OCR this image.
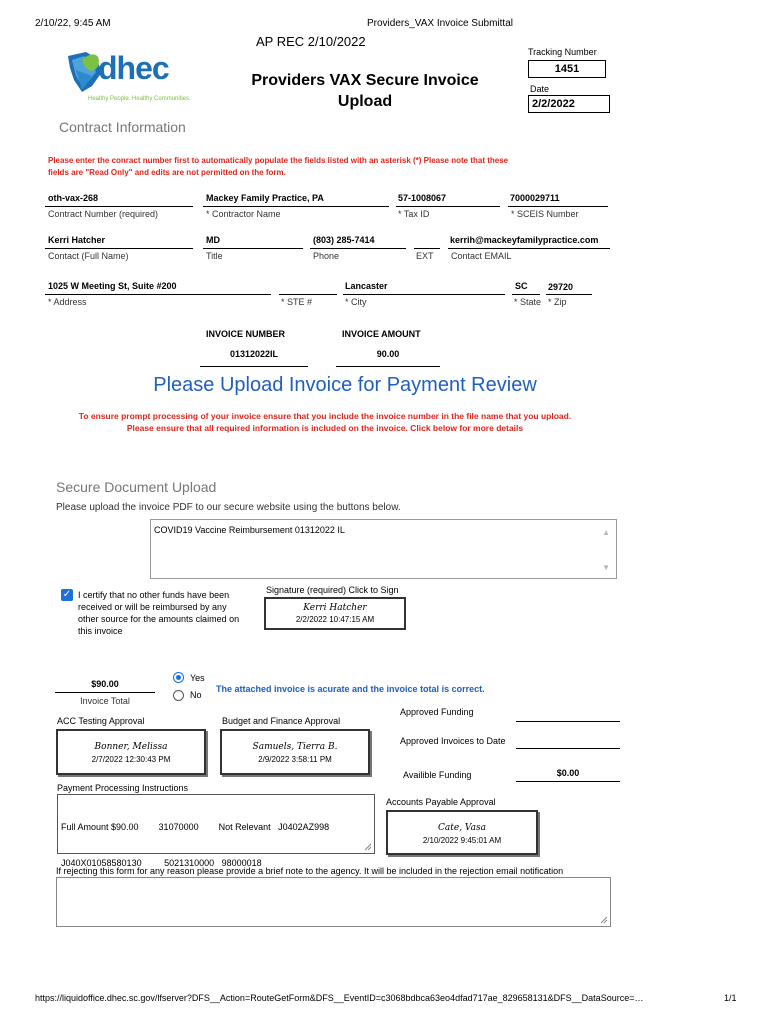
2/10/22, 9:45 AM	Providers_VAX Invoice Submittal
AP REC 2/10/2022
dhec
Healthy People. Healthy Communities.
Providers VAX Secure Invoice
Upload
Tracking Number
1451
Date
2/2/2022
Contract Information
Please enter the conract number first to automatically populate the fields listed with an asterisk (*) Please note that these
fields are "Read Only" and edits are not permitted on the form.
oth-vax-268
Contract Number (required)
Mackey Family Practice, PA
* Contractor Name
57-1008067
* Tax ID
7000029711
* SCEIS Number
Kerri Hatcher
Contact (Full Name)
MD
Title
(803) 285-7414
Phone	EXT
kerrih@mackeyfamilypractice.com
Contact EMAIL
1025 W Meeting St, Suite #200
* Address	* STE #
Lancaster
* City
SC
* State
29720
* Zip
INVOICE NUMBER
01312022IL
INVOICE AMOUNT
90.00
Please Upload Invoice for Payment Review
To ensure prompt processing of your invoice ensure that you include the invoice number in the file name that you upload.
Please ensure that all required information is included on the invoice. Click below for more details
Secure Document Upload
Please upload the invoice PDF to our secure website using the buttons below.
COVID19 Vaccine Reimbursement 01312022 IL	▲
▼
✓ I certify that no other funds have been
received or will be reimbursed by any
other source for the amounts claimed on
this invoice
Signature (required) Click to Sign
Kerri Hatcher
2/2/2022 10:47:15 AM
$90.00
Invoice Total
Yes
No
The attached invoice is acurate and the invoice total is correct.
ACC Testing Approval
Bonner, Melissa
2/7/2022 12:30:43 PM
Budget and Finance Approval
Samuels, Tierra B.
2/9/2022 3:58:11 PM
Approved Funding
Approved Invoices to Date
Availible Funding	$0.00
Payment Processing Instructions

Full Amount $90.00        31070000        Not Relevant   J0402AZ998

J040X01058580130         5021310000   98000018

Accounts Payable Approval
Cate, Vasa
2/10/2022 9:45:01 AM
If rejecting this form for any reason please provide a brief note to the agency. It will be included in the rejection email notification
https://liquidoffice.dhec.sc.gov/lfserver?DFS__Action=RouteGetForm&DFS__EventID=c3068bdbca63eo4dfad717ae_829658131&DFS__DataSource=…	1/1
